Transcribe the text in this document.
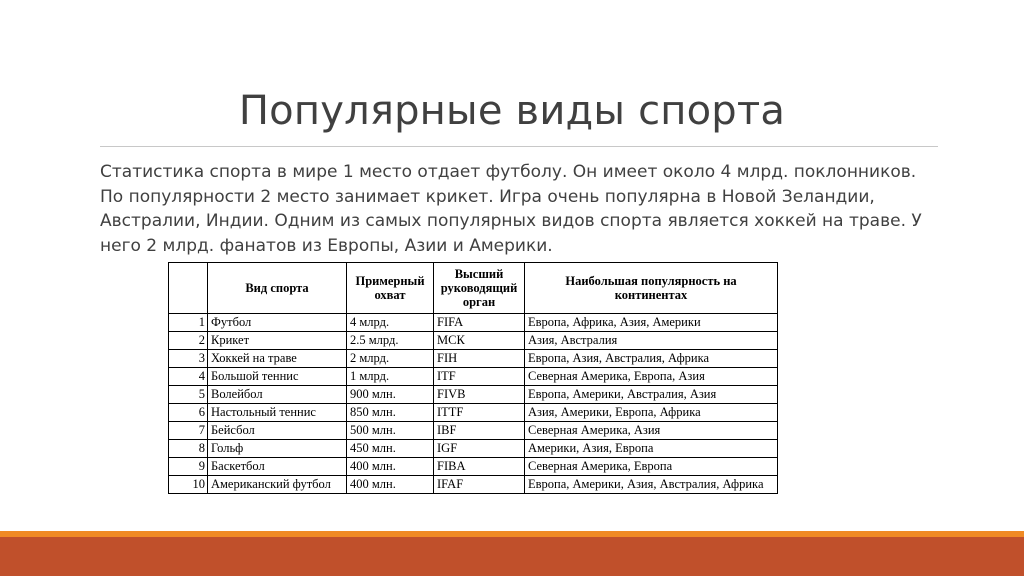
Популярные виды спорта
Статистика спорта в мире 1 место отдает футболу. Он имеет около 4 млрд. поклонников. По популярности 2 место занимает крикет. Игра очень популярна в Новой Зеландии, Австралии, Индии. Одним из самых популярных видов спорта является хоккей на траве. У него 2 млрд. фанатов из Европы, Азии и Америки.
	Вид спорта	Примерный охват	Высший руководящий орган	Наибольшая популярность на континентах
1	Футбол	4 млрд.	FIFA	Европа, Африка, Азия, Америки
2	Крикет	2.5 млрд.	МСК	Азия, Австралия
3	Хоккей на траве	2 млрд.	FIH	Европа, Азия, Австралия, Африка
4	Большой теннис	1 млрд.	ITF	Северная Америка, Европа, Азия
5	Волейбол	900 млн.	FIVB	Европа, Америки, Австралия, Азия
6	Настольный теннис	850 млн.	ITTF	Азия, Америки, Европа, Африка
7	Бейсбол	500 млн.	IBF	Северная Америка, Азия
8	Гольф	450 млн.	IGF	Америки, Азия, Европа
9	Баскетбол	400 млн.	FIBA	Северная Америка, Европа
10	Американский футбол	400 млн.	IFAF	Европа, Америки, Азия, Австралия, Африка
